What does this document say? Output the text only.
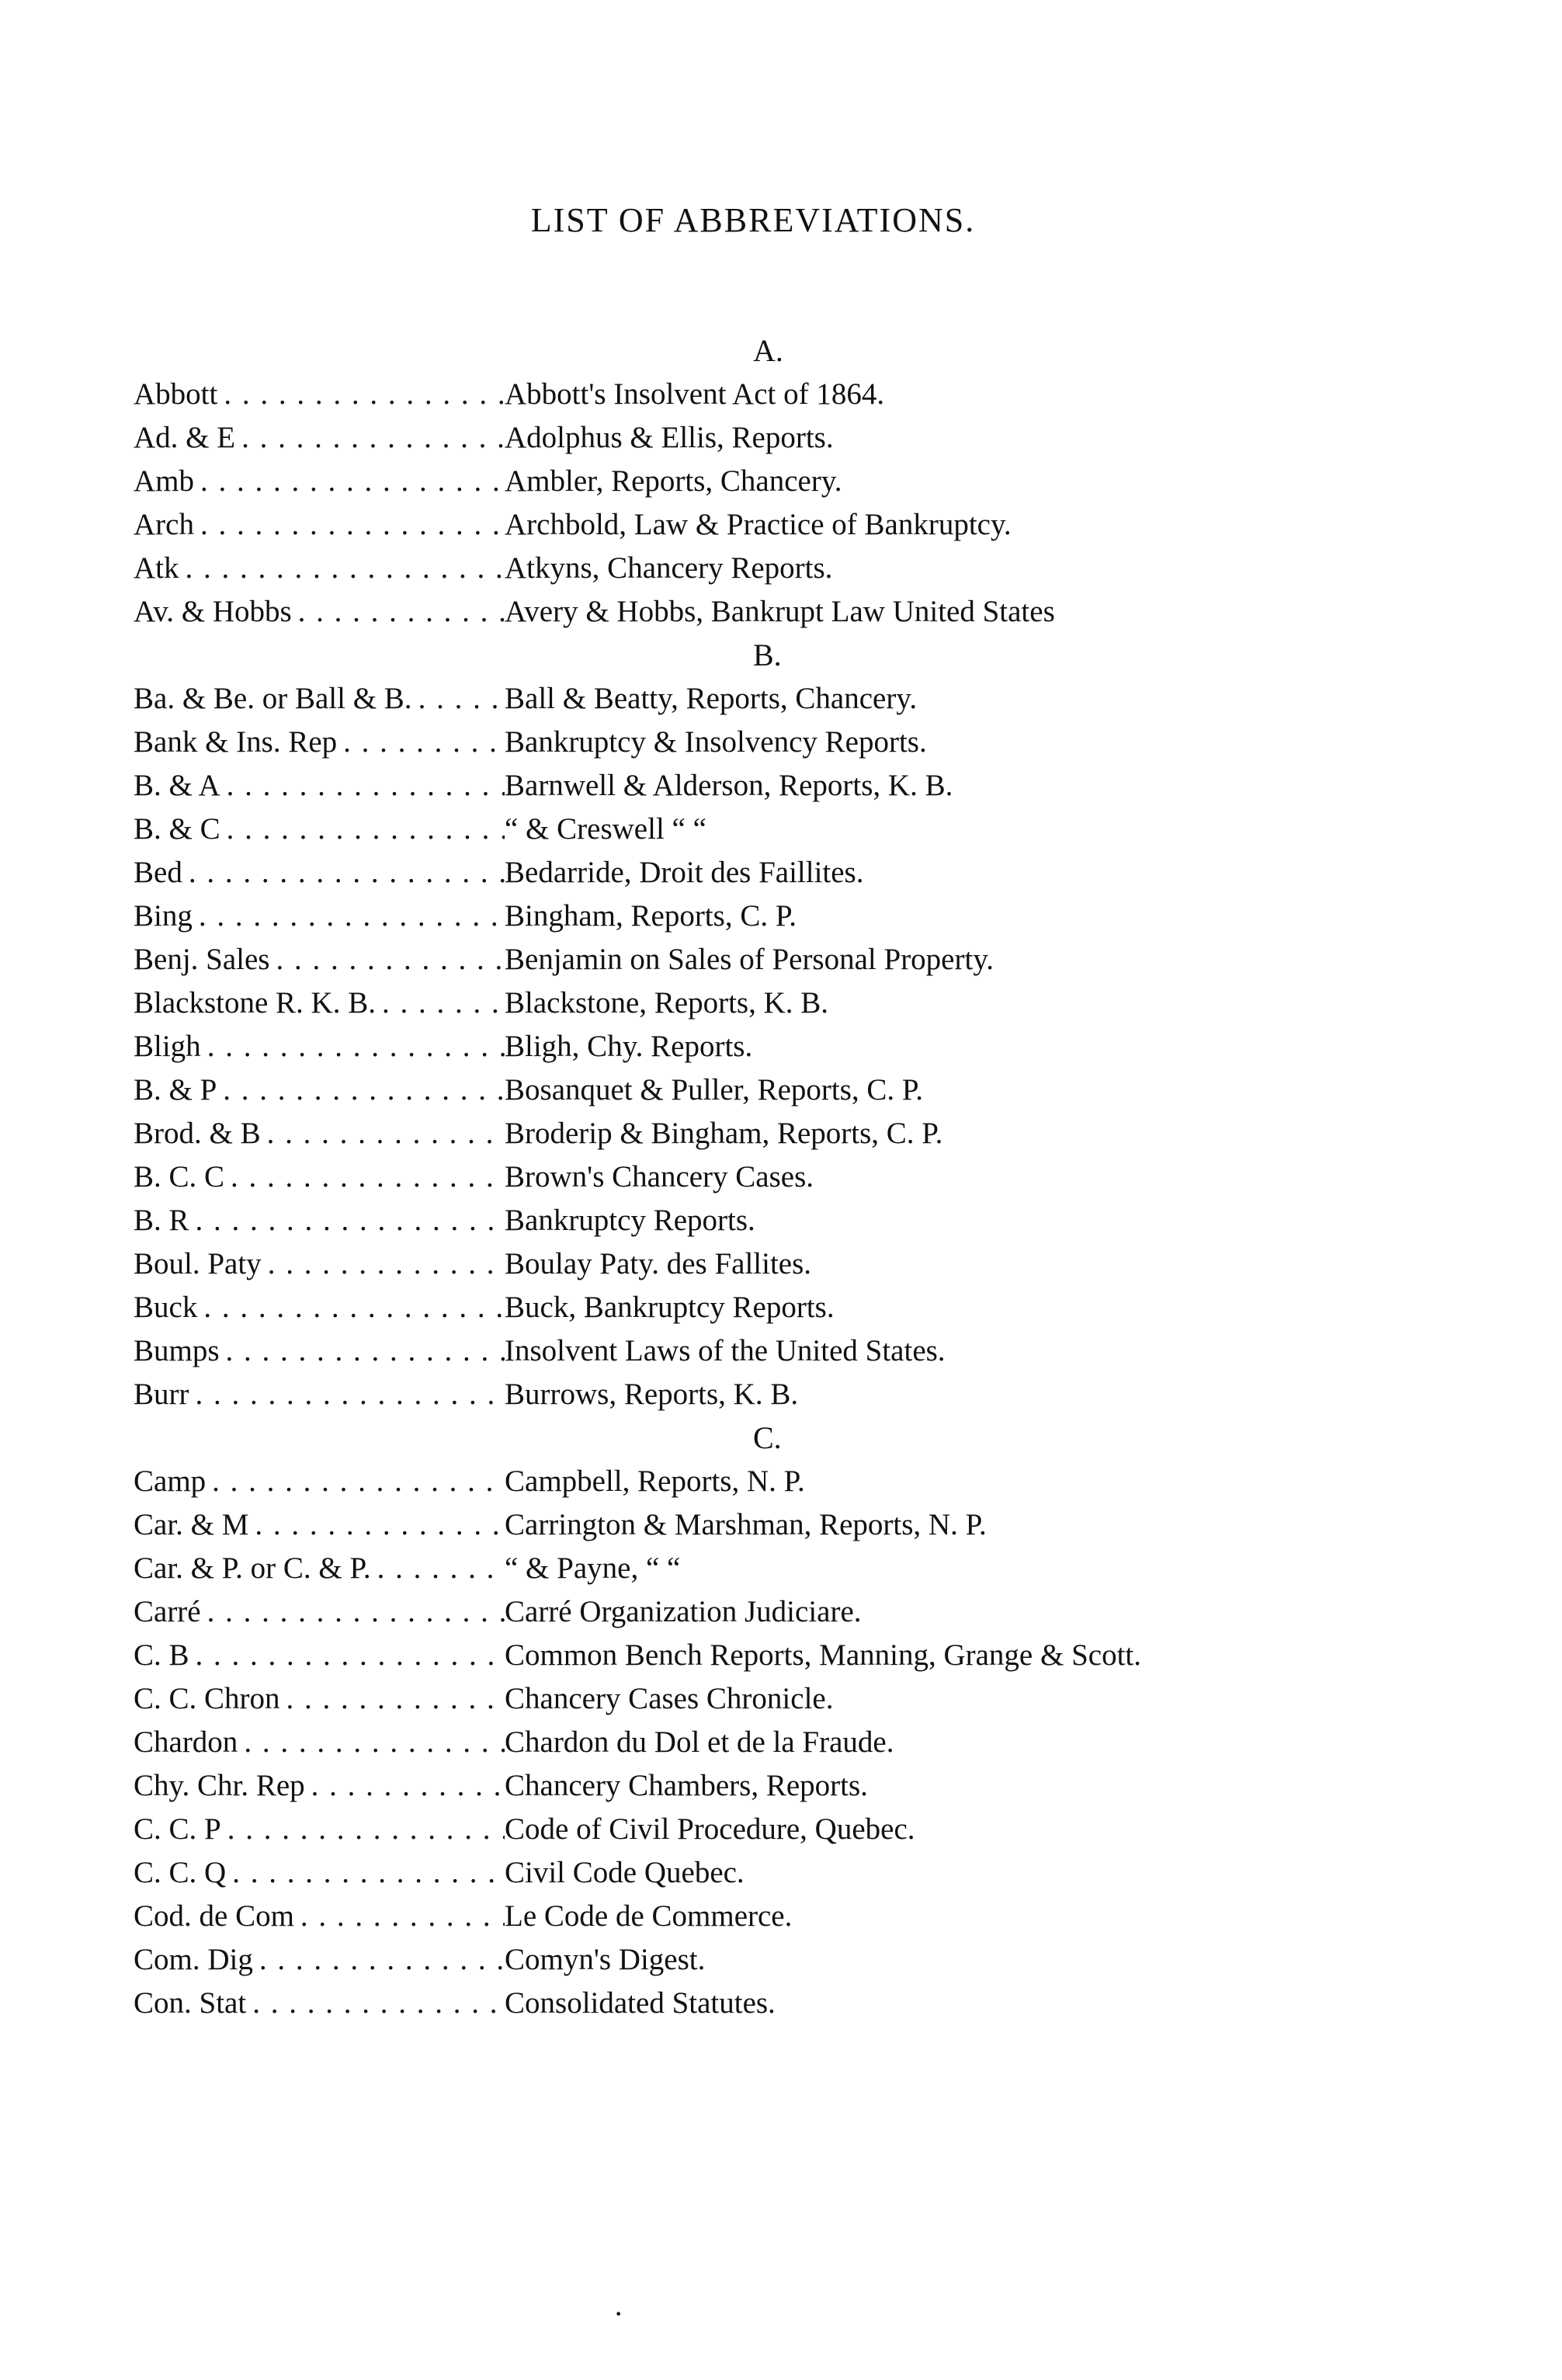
LIST OF ABBREVIATIONS.
A.
Abbott . . .	Abbott's Insolvent Act of 1864.
Ad. & E . . .	Adolphus & Ellis, Reports.
Amb . . .	Ambler, Reports, Chancery.
Arch . . .	Archbold, Law & Practice of Bankruptcy.
Atk . . .	Atkyns, Chancery Reports.
Av. & Hobbs . . .	Avery & Hobbs, Bankrupt Law United States
B.
Ba. & Be. or Ball & B. . . .	Ball & Beatty, Reports, Chancery.
Bank & Ins. Rep . . .	Bankruptcy & Insolvency Reports.
B. & A . . .	Barnwell & Alderson, Reports, K. B.
B. & C . . .	“ & Creswell “ “
Bed . . .	Bedarride, Droit des Faillites.
Bing . . .	Bingham, Reports, C. P.
Benj. Sales . . .	Benjamin on Sales of Personal Property.
Blackstone R. K. B. . . .	Blackstone, Reports, K. B.
Bligh . . .	Bligh, Chy. Reports.
B. & P . . .	Bosanquet & Puller, Reports, C. P.
Brod. & B . . .	Broderip & Bingham, Reports, C. P.
B. C. C . . .	Brown's Chancery Cases.
B. R . . .	Bankruptcy Reports.
Boul. Paty . . .	Boulay Paty. des Fallites.
Buck . . .	Buck, Bankruptcy Reports.
Bumps . . .	Insolvent Laws of the United States.
Burr . . .	Burrows, Reports, K. B.
C.
Camp . . .	Campbell, Reports, N. P.
Car. & M . . .	Carrington & Marshman, Reports, N. P.
Car. & P. or C. & P. . . .	“ & Payne, “ “
Carré . . .	Carré Organization Judiciare.
C. B . . .	Common Bench Reports, Manning, Grange & Scott.
C. C. Chron . . .	Chancery Cases Chronicle.
Chardon . . .	Chardon du Dol et de la Fraude.
Chy. Chr. Rep . . .	Chancery Chambers, Reports.
C. C. P . . .	Code of Civil Procedure, Quebec.
C. C. Q . . .	Civil Code Quebec.
Cod. de Com . . .	Le Code de Commerce.
Com. Dig . . .	Comyn's Digest.
Con. Stat . . .	Consolidated Statutes.
·
